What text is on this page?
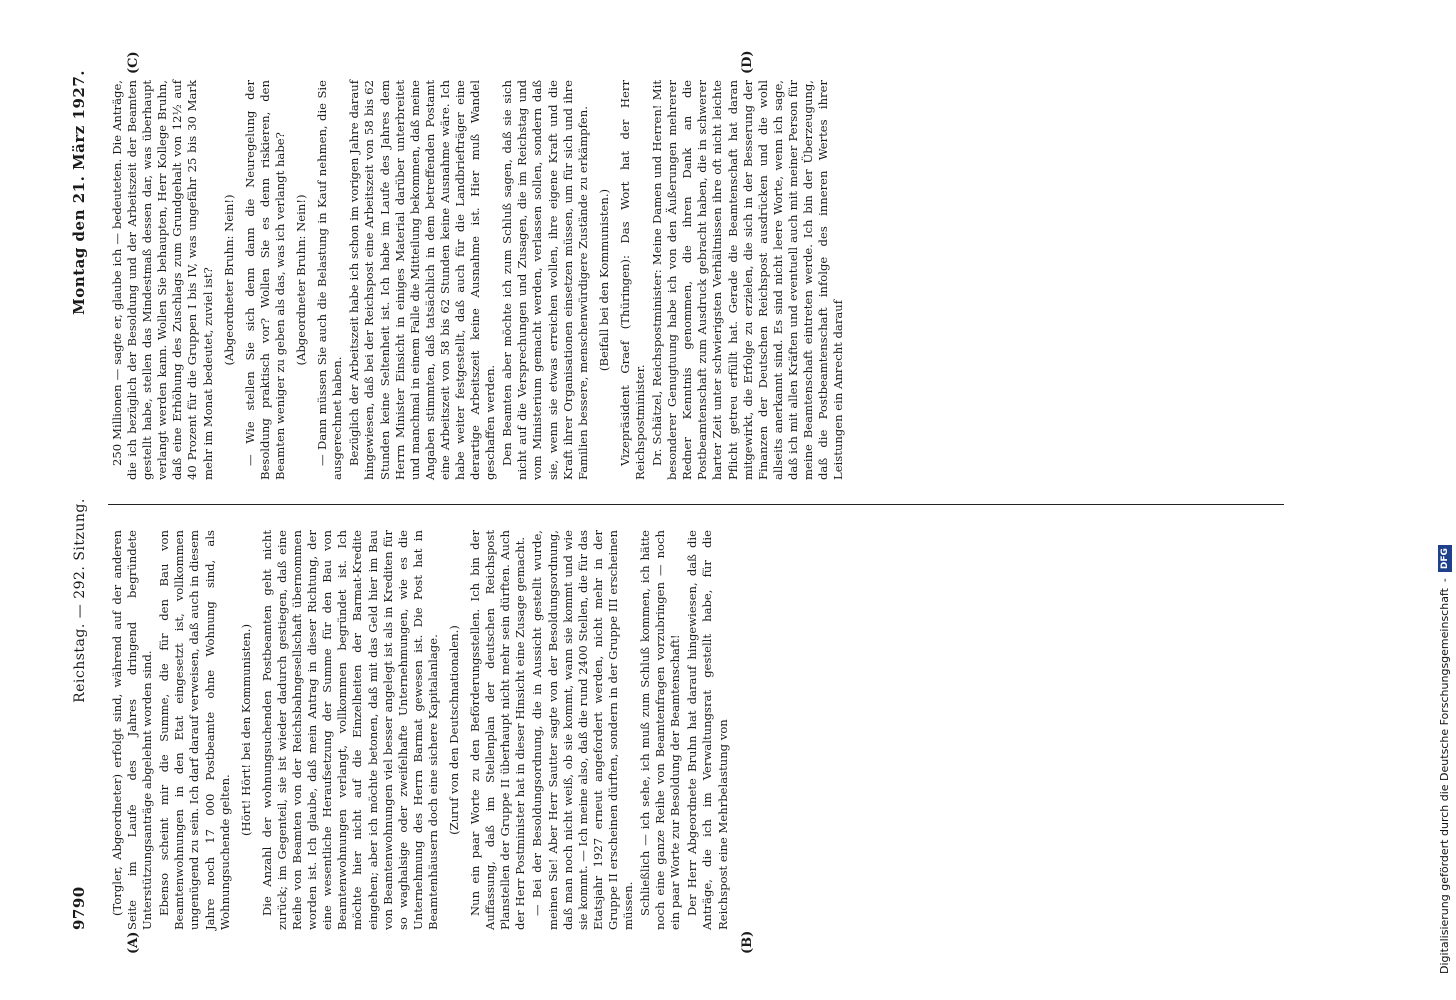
9790
Reichstag. — 292. Sitzung.
Montag den 21. März 1927.
(A)	(B)
(C)	(D)

(Torgler, Abgeordneter) erfolgt sind, während auf der anderen Seite im Laufe des Jahres dringend begründete Unterstützungsanträge abgelehnt worden sind. Ebenso scheint mir die Summe, die für den Bau von Beamtenwohnungen in den Etat eingesetzt ist, vollkommen ungenügend zu sein. Ich darf darauf verweisen, daß auch in diesem Jahre noch 17 000 Postbeamte ohne Wohnung sind, als Wohnungsuchende gelten.

(Hört! Hört! bei den Kommunisten.) Die Anzahl der wohnungsuchenden Postbeamten geht nicht zurück; im Gegenteil, sie ist wieder dadurch gestiegen, daß eine Reihe von Beamten von der Reichsbahngesellschaft übernommen worden ist. Ich glaube, daß mein Antrag in dieser Richtung, der eine wesentliche Heraufsetzung der Summe für den Bau von Beamtenwohnungen verlangt, vollkommen begründet ist. Ich möchte hier nicht auf die Einzelheiten der Barmat-Kredite eingehen; aber ich möchte betonen, daß mit das Geld hier im Bau von Beamtenwohnungen viel besser angelegt ist als in Krediten für so waghalsige oder zweifelhafte Unternehmungen, wie es die Unternehmung des Herrn Barmat gewesen ist. Die Post hat in Beamtenhäusern doch eine sichere Kapitalanlage. (Zuruf von den Deutschnationalen.) Nun ein paar Worte zu den Beförderungsstellen. Ich bin der Auffassung, daß im Stellenplan der deutschen Reichspost Planstellen der Gruppe II überhaupt nicht mehr sein dürften. Auch der Herr Postminister hat in dieser Hinsicht eine Zusage gemacht. — Bei der Besoldungsordnung, die in Aussicht gestellt wurde, meinen Sie! Aber Herr Sautter sagte von der Besoldungsordnung, daß man noch nicht weiß, ob sie kommt, wann sie kommt und wie sie kommt. — Ich meine also, daß die rund 2400 Stellen, die für das Etatsjahr 1927 erneut angefordert werden, nicht mehr in der Gruppe II erscheinen dürften, sondern in der Gruppe III erscheinen müssen. Schließlich — ich sehe, ich muß zum Schluß kommen, ich hätte noch eine ganze Reihe von Beamtenfragen vorzubringen — noch ein paar Worte zur Besoldung der Beamtenschaft! Der Herr Abgeordnete Bruhn hat darauf hingewiesen, daß die Anträge, die ich im Verwaltungsrat gestellt habe, für die Reichspost eine Mehrbelastung von

250 Millionen — sagte er, glaube ich — bedeuteten. Die Anträge, die ich bezüglich der Besoldung und der Arbeitszeit der Beamten gestellt habe, stellen das Mindestmaß dessen dar, was überhaupt verlangt werden kann. Wollen Sie behaupten, Herr Kollege Bruhn, daß eine Erhöhung des Zuschlags zum Grundgehalt von 12½ auf 40 Prozent für die Gruppen I bis IV, was ungefähr 25 bis 30 Mark mehr im Monat bedeutet, zuviel ist? (Abgeordneter Bruhn: Nein!) — Wie stellen Sie sich denn dann die Neuregelung der Besoldung praktisch vor? Wollen Sie es denn riskieren, den Beamten weniger zu geben als das, was ich verlangt habe? (Abgeordneter Bruhn: Nein!) — Dann müssen Sie auch die Belastung in Kauf nehmen, die Sie ausgerechnet haben. Bezüglich der Arbeitszeit habe ich schon im vorigen Jahre darauf hingewiesen, daß bei der Reichspost eine Arbeitszeit von 58 bis 62 Stunden keine Seltenheit ist. Ich habe im Laufe des Jahres dem Herrn Minister Einsicht in einiges Material darüber unterbreitet und manchmal in einem Falle die Mitteilung bekommen, daß meine Angaben stimmten, daß tatsächlich in dem betreffenden Postamt eine Arbeitszeit von 58 bis 62 Stunden keine Ausnahme wäre. Ich habe weiter festgestellt, daß auch für die Landbriefträger eine derartige Arbeitszeit keine Ausnahme ist. Hier muß Wandel geschaffen werden. Den Beamten aber möchte ich zum Schluß sagen, daß sie sich nicht auf die Versprechungen und Zusagen, die im Reichstag und vom Ministerium gemacht werden, verlassen sollen, sondern daß sie, wenn sie etwas erreichen wollen, ihre eigene Kraft und die Kraft ihrer Organisationen einsetzen müssen, um für sich und ihre Familien bessere, menschenwürdigere Zustände zu erkämpfen. (Beifall bei den Kommunisten.) Vizepräsident Graef (Thüringen): Das Wort hat der Herr Reichspostminister. Dr. Schätzel, Reichspostminister: Meine Damen und Herren! Mit besonderer Genugtuung habe ich von den Äußerungen mehrerer Redner Kenntnis genommen, die ihren Dank an die Postbeamtenschaft zum Ausdruck gebracht haben, die in schwerer harter Zeit unter schwierigsten Verhältnissen ihre oft nicht leichte Pflicht getreu erfüllt hat. Gerade die Beamtenschaft hat daran mitgewirkt, die Erfolge zu erzielen, die sich in der Besserung der Finanzen der Deutschen Reichspost ausdrücken und die wohl allseits anerkannt sind. Es sind nicht leere Worte, wenn ich sage, daß ich mit allen Kräften und eventuell auch mit meiner Person für meine Beamtenschaft eintreten werde. Ich bin der Überzeugung, daß die Postbeamtenschaft infolge des inneren Wertes ihrer Leistungen ein Anrecht darauf

Digitalisierung gefördert durch die Deutsche Forschungsgemeinschaft
-
DFG
